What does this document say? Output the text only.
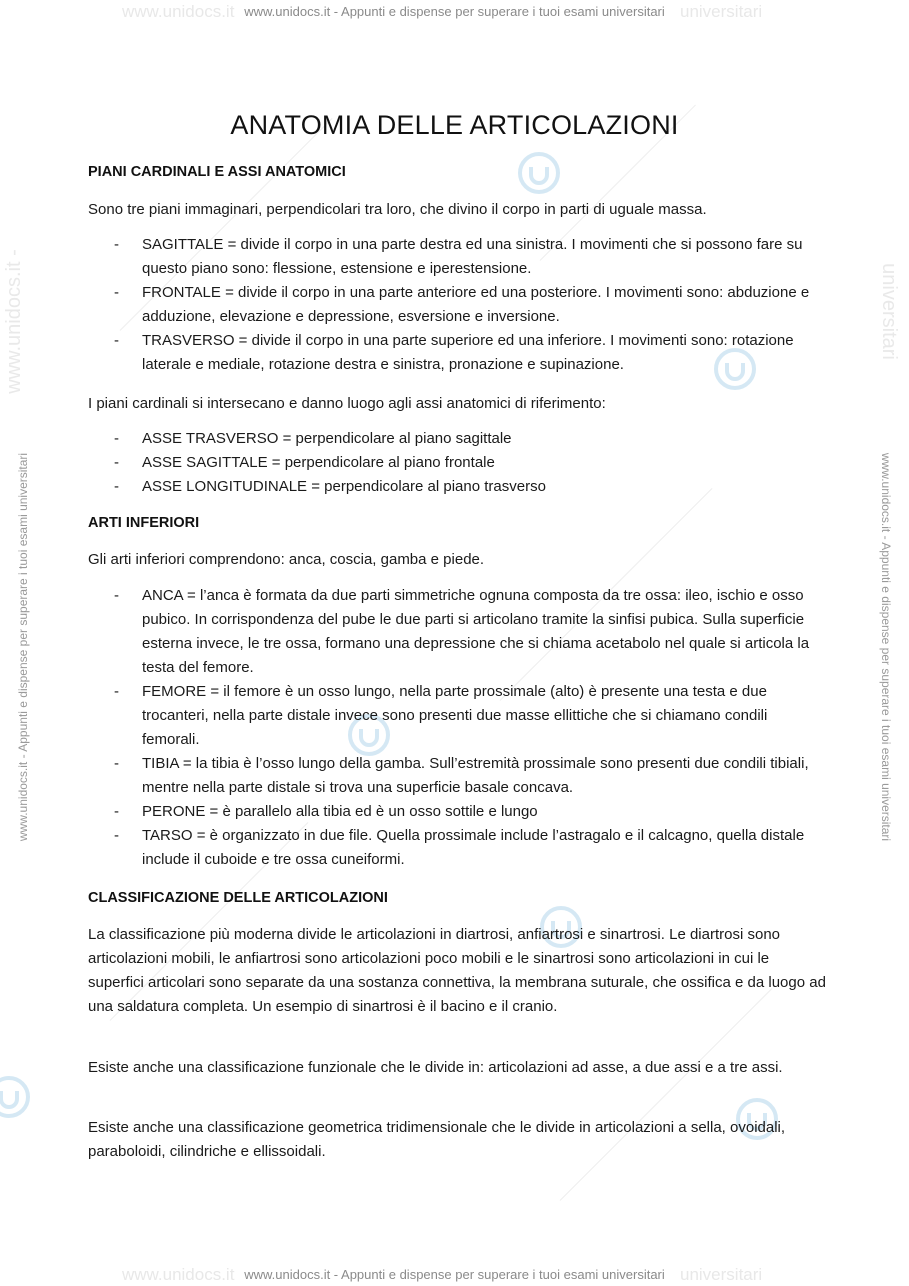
www.unidocs.it	universitari
www.unidocs.it - Appunti e dispense per superare i tuoi esami universitari
www.unidocs.it	universitari
www.unidocs.it - Appunti e dispense per superare i tuoi esami universitari
www.unidocs.it - Appunti e dispense per superare i tuoi esami universitari	www.unidocs.it - Appunti e dispense per superare i tuoi esami universitari
www.unidocs.it -	universitari
ANATOMIA DELLE ARTICOLAZIONI
PIANI CARDINALI E ASSI ANATOMICI
Sono tre piani immaginari, perpendicolari tra loro, che divino il corpo in parti di uguale massa.
- SAGITTALE = divide il corpo in una parte destra ed una sinistra. I movimenti che si possono fare su questo piano sono: flessione, estensione e iperestensione.
- FRONTALE = divide il corpo in una parte anteriore ed una posteriore. I movimenti sono: abduzione e adduzione, elevazione e depressione, esversione e inversione.
- TRASVERSO = divide il corpo in una parte superiore ed una inferiore. I movimenti sono: rotazione laterale e mediale, rotazione destra e sinistra, pronazione e supinazione.
I piani cardinali si intersecano e danno luogo agli assi anatomici di riferimento:
- ASSE TRASVERSO = perpendicolare al piano sagittale
- ASSE SAGITTALE = perpendicolare al piano frontale
- ASSE LONGITUDINALE = perpendicolare al piano trasverso
ARTI INFERIORI
Gli arti inferiori comprendono: anca, coscia, gamba e piede.
- ANCA = l’anca è formata da due parti simmetriche ognuna composta da tre ossa: ileo, ischio e osso pubico. In corrispondenza del pube le due parti si articolano tramite la sinfisi pubica. Sulla superficie esterna invece, le tre ossa, formano una depressione che si chiama acetabolo nel quale si articola la testa del femore.
- FEMORE = il femore è un osso lungo, nella parte prossimale (alto) è presente una testa e due trocanteri, nella parte distale invece sono presenti due masse ellittiche che si chiamano condili femorali.
- TIBIA = la tibia è l’osso lungo della gamba. Sull’estremità prossimale sono presenti due condili tibiali, mentre nella parte distale si trova una superficie basale concava.
- PERONE = è parallelo alla tibia ed è un osso sottile e lungo
- TARSO = è organizzato in due file. Quella prossimale include l’astragalo e il calcagno, quella distale include il cuboide e tre ossa cuneiformi.
CLASSIFICAZIONE DELLE ARTICOLAZIONI
La classificazione più moderna divide le articolazioni in diartrosi, anfiartrosi e sinartrosi. Le diartrosi sono articolazioni mobili, le anfiartrosi sono articolazioni poco mobili e le sinartrosi sono articolazioni in cui le superfici articolari sono separate da una sostanza connettiva, la membrana suturale, che ossifica e da luogo ad una saldatura completa. Un esempio di sinartrosi è il bacino e il cranio.
Esiste anche una classificazione funzionale che le divide in: articolazioni ad asse, a due assi e a tre assi.
Esiste anche una classificazione geometrica tridimensionale che le divide in articolazioni a sella, ovoidali, paraboloidi, cilindriche e ellissoidali.
